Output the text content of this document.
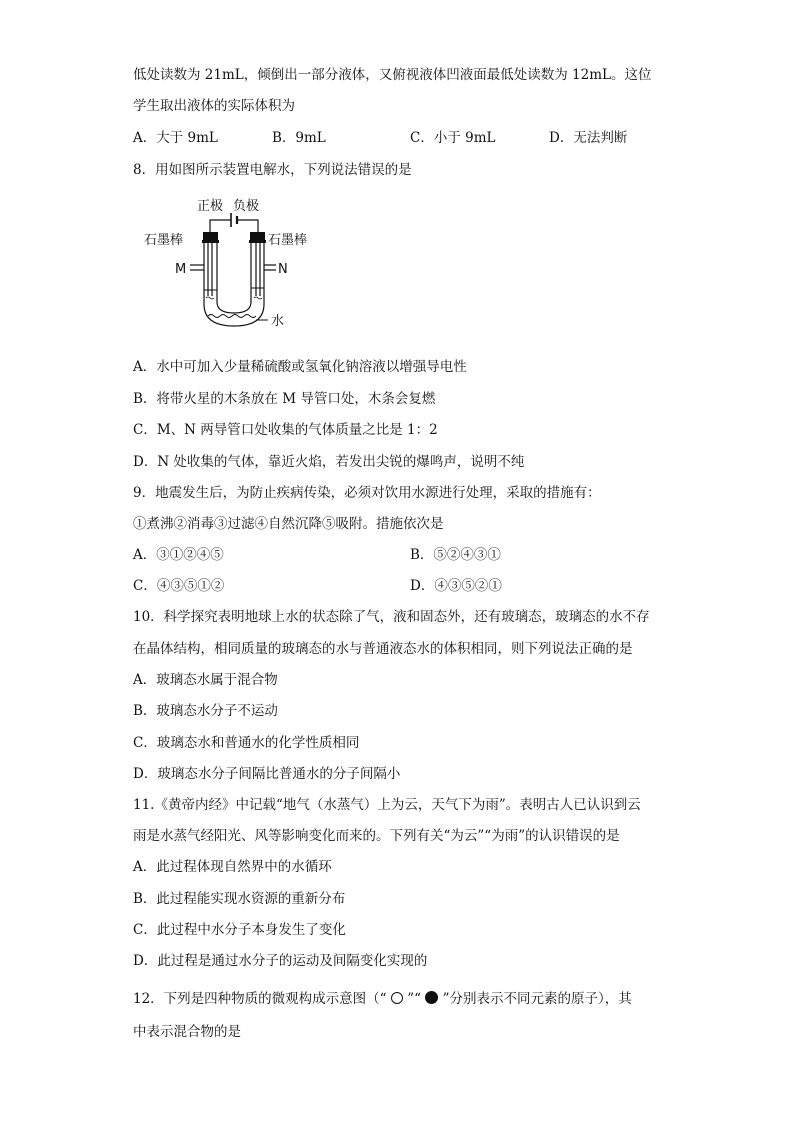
低处读数为 21mL，倾倒出一部分液体，又俯视液体凹液面最低处读数为 12mL。这位
学生取出液体的实际体积为
A．大于 9mL	B．9mL	C．小于 9mL	D．无法判断
8．用如图所示装置电解水，下列说法错误的是
正极 负极
M	N
石墨棒	石墨棒
水
A．水中可加入少量稀硫酸或氢氧化钠溶液以增强导电性
B．将带火星的木条放在 M 导管口处，木条会复燃
C．M、N 两导管口处收集的气体质量之比是 1：2
D．N 处收集的气体，靠近火焰，若发出尖锐的爆鸣声，说明不纯
9．地震发生后，为防止疾病传染，必须对饮用水源进行处理，采取的措施有：
①煮沸②消毒③过滤④自然沉降⑤吸附。措施依次是
A．③①②④⑤	B．⑤②④③①
C．④③⑤①②	D．④③⑤②①
10．科学探究表明地球上水的状态除了气，液和固态外，还有玻璃态，玻璃态的水不存
在晶体结构，相同质量的玻璃态的水与普通液态水的体积相同，则下列说法正确的是
A．玻璃态水属于混合物
B．玻璃态水分子不运动
C．玻璃态水和普通水的化学性质相同
D．玻璃态水分子间隔比普通水的分子间隔小
11.《黄帝内经》中记载“地气（水蒸气）上为云，天气下为雨”。表明古人已认识到云
雨是水蒸气经阳光、风等影响变化而来的。下列有关“为云”“为雨”的认识错误的是
A．此过程体现自然界中的水循环
B．此过程能实现水资源的重新分布
C．此过程中水分子本身发生了变化
D．此过程是通过水分子的运动及间隔变化实现的
12．下列是四种物质的微观构成示意图（“ ”“ ”分别表示不同元素的原子），其
中表示混合物的是
